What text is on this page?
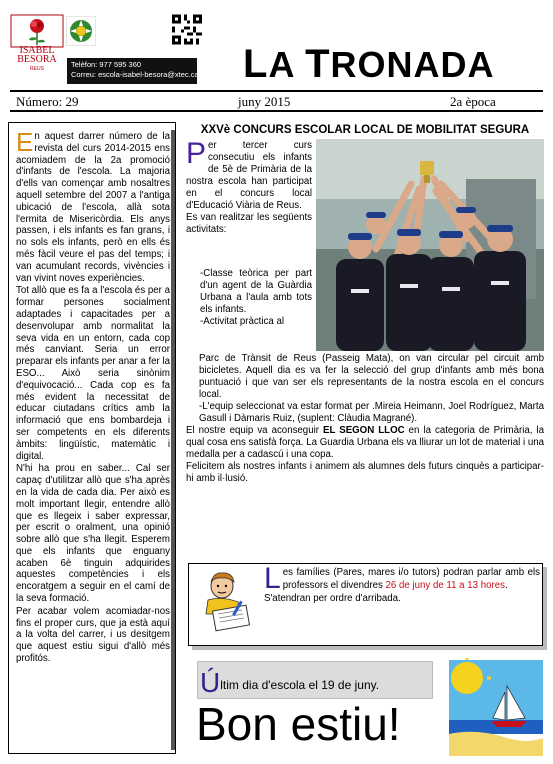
ISABEL BESORA
REUS	Telèfon: 977 595 360
Correu: escola-isabel-besora@xtec.cat LA TRONADA
Número: 29	juny 2015	2a època

En aquest darrer número de la revista del curs 2014-2015 ens acomiadem de la 2a promoció d'infants de l'escola. La majoria d'ells van començar amb nosaltres aquell setembre del 2007 a l'antiga ubicació de l'escola, allà sota l'ermita de Misericòrdia. Els anys passen, i els infants es fan grans, i no sols els infants, però en ells és més fàcil veure el pas del temps; i van acumulant records, vivències i van vivint noves experiències.

Tot allò que es fa a l'escola és per a formar persones socialment adaptades i capacitades per a desenvolupar amb normalitat la seva vida en un entorn, cada cop més canviant. Seria un error preparar els infants per anar a fer la ESO... Això seria sinònim d'equivocació... Cada cop es fa més evident la necessitat de educar ciutadans crítics amb la informació que ens bombardeja i ser competents en els diferents àmbits: lingüístic, matemàtic i digital.

N'hi ha prou en saber... Cal ser capaç d'utilitzar allò que s'ha après en la vida de cada dia. Per això es molt important llegir, entendre allò que es llegeix i saber expressar, per escrit o oralment, una opinió sobre allò que s'ha llegit. Esperem que els infants que enguany acaben 6è tinguin adquirides aquestes competències i els encoratgem a seguir en el camí de la seva formació.

Per acabar volem acomiadar-nos fins el proper curs, que ja està aquí a la volta del carrer, i us desitgem que aquest estiu sigui d'allò més profitós.

XXVè CONCURS ESCOLAR LOCAL DE MOBILITAT SEGURA
Per tercer curs consecutiu els infants de 5è de Primària de la nostra escola han participat en el concurs local d'Educació Viària de Reus.
Es van realitzar les següents activitats:
-Classe teòrica per part d'un agent de la Guàrdia Urbana a l'aula amb tots els infants.
-Activitat pràctica al
Parc de Trànsit de Reus (Passeig Mata), on van circular pel circuit amb bicicletes. Aquell dia es va fer la selecció del grup d'infants amb més bona puntuació i que van ser els representants de la nostra escola en el concurs local.
-L'equip seleccionat va estar format per .Mireia Heimann, Joel Rodríguez, Marta Gasull i Dàmaris Ruiz, (suplent: Clàudia Magrané).
El nostre equip va aconseguir EL SEGON LLOC en la categoria de Primària, la qual cosa ens satisfà força. La Guardia Urbana els va lliurar un lot de material i una medalla per a cadascú i una copa.
Felicitem als nostres infants i animem als alumnes dels futurs cinquès a participar-hi amb il·lusió.
Les famílies (Pares, mares i/o tutors) podran parlar amb els professors el divendres 26 de juny de 11 a 13 hores.
S'atendran per ordre d'arribada.
Últim dia d'escola el 19 de juny.
Bon estiu!
